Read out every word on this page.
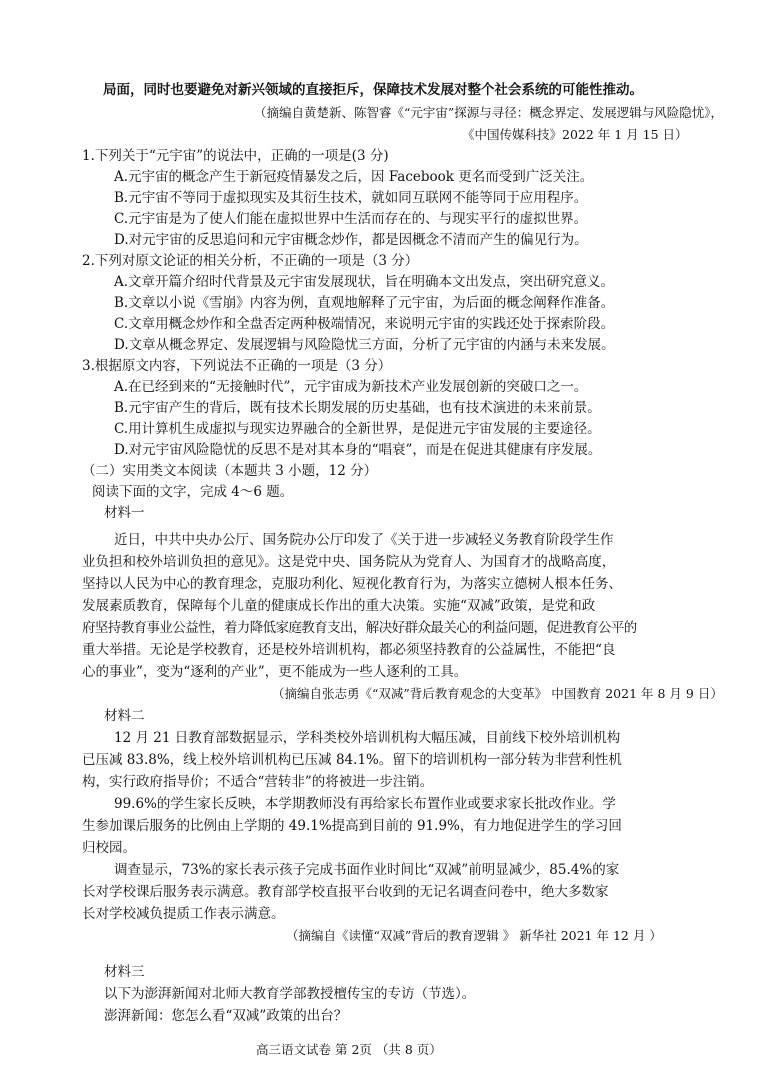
局面，同时也要避免对新兴领域的直接拒斥，保障技术发展对整个社会系统的可能性推动。
（摘编自黄楚新、陈智睿《“元宇宙”探源与寻径：概念界定、发展逻辑与风险隐忧》，
《中国传媒科技》2022 年 1 月 15 日）
1.下列关于“元宇宙”的说法中，正确的一项是(3 分)
A.元宇宙的概念产生于新冠疫情暴发之后，因 Facebook 更名而受到广泛关注。
B.元宇宙不等同于虚拟现实及其衍生技术，就如同互联网不能等同于应用程序。
C.元宇宙是为了使人们能在虚拟世界中生活而存在的、与现实平行的虚拟世界。
D.对元宇宙的反思追问和元宇宙概念炒作，都是因概念不清而产生的偏见行为。
2.下列对原文论证的相关分析，不正确的一项是（3 分）
A.文章开篇介绍时代背景及元宇宙发展现状，旨在明确本文出发点，突出研究意义。
B.文章以小说《雪崩》内容为例，直观地解释了元宇宙，为后面的概念阐释作准备。
C.文章用概念炒作和全盘否定两种极端情况，来说明元宇宙的实践还处于探索阶段。
D.文章从概念界定、发展逻辑与风险隐忧三方面，分析了元宇宙的内涵与未来发展。
3.根据原文内容，下列说法不正确的一项是（3 分）
A.在已经到来的“无接触时代”，元宇宙成为新技术产业发展创新的突破口之一。
B.元宇宙产生的背后，既有技术长期发展的历史基础，也有技术演进的未来前景。
C.用计算机生成虚拟与现实边界融合的全新世界，是促进元宇宙发展的主要途径。
D.对元宇宙风险隐忧的反思不是对其本身的“唱衰”，而是在促进其健康有序发展。
（二）实用类文本阅读（本题共 3 小题，12 分）
阅读下面的文字，完成 4～6 题。
材料一
近日，中共中央办公厅、国务院办公厅印发了《关于进一步减轻义务教育阶段学生作
业负担和校外培训负担的意见》。这是党中央、国务院从为党育人、为国育才的战略高度，
坚持以人民为中心的教育理念，克服功利化、短视化教育行为，为落实立德树人根本任务、
发展素质教育，保障每个儿童的健康成长作出的重大决策。实施“双减”政策，是党和政
府坚持教育事业公益性，着力降低家庭教育支出，解决好群众最关心的利益问题，促进教育公平的
重大举措。无论是学校教育，还是校外培训机构，都必须坚持教育的公益属性，不能把“良
心的事业”，变为“逐利的产业”，更不能成为一些人逐利的工具。
（摘编自张志勇《“双减”背后教育观念的大变革》 中国教育 2021 年 8 月 9 日）
材料二
12 月 21 日教育部数据显示，学科类校外培训机构大幅压减，目前线下校外培训机构
已压减 83.8%，线上校外培训机构已压减 84.1%。留下的培训机构一部分转为非营利性机
构，实行政府指导价；不适合“营转非”的将被进一步注销。
99.6%的学生家长反映，本学期教师没有再给家长布置作业或要求家长批改作业。学
生参加课后服务的比例由上学期的 49.1%提高到目前的 91.9%，有力地促进学生的学习回
归校园。
调查显示，73%的家长表示孩子完成书面作业时间比“双减”前明显减少，85.4%的家
长对学校课后服务表示满意。教育部学校直报平台收到的无记名调查问卷中，绝大多数家
长对学校减负提质工作表示满意。
（摘编自《读懂“双减”背后的教育逻辑 》 新华社 2021 年 12 月 ）
材料三
以下为澎湃新闻对北师大教育学部教授檀传宝的专访（节选）。
澎湃新闻：您怎么看“双减”政策的出台？
高三语文试卷 第 2页 （共 8 页）
